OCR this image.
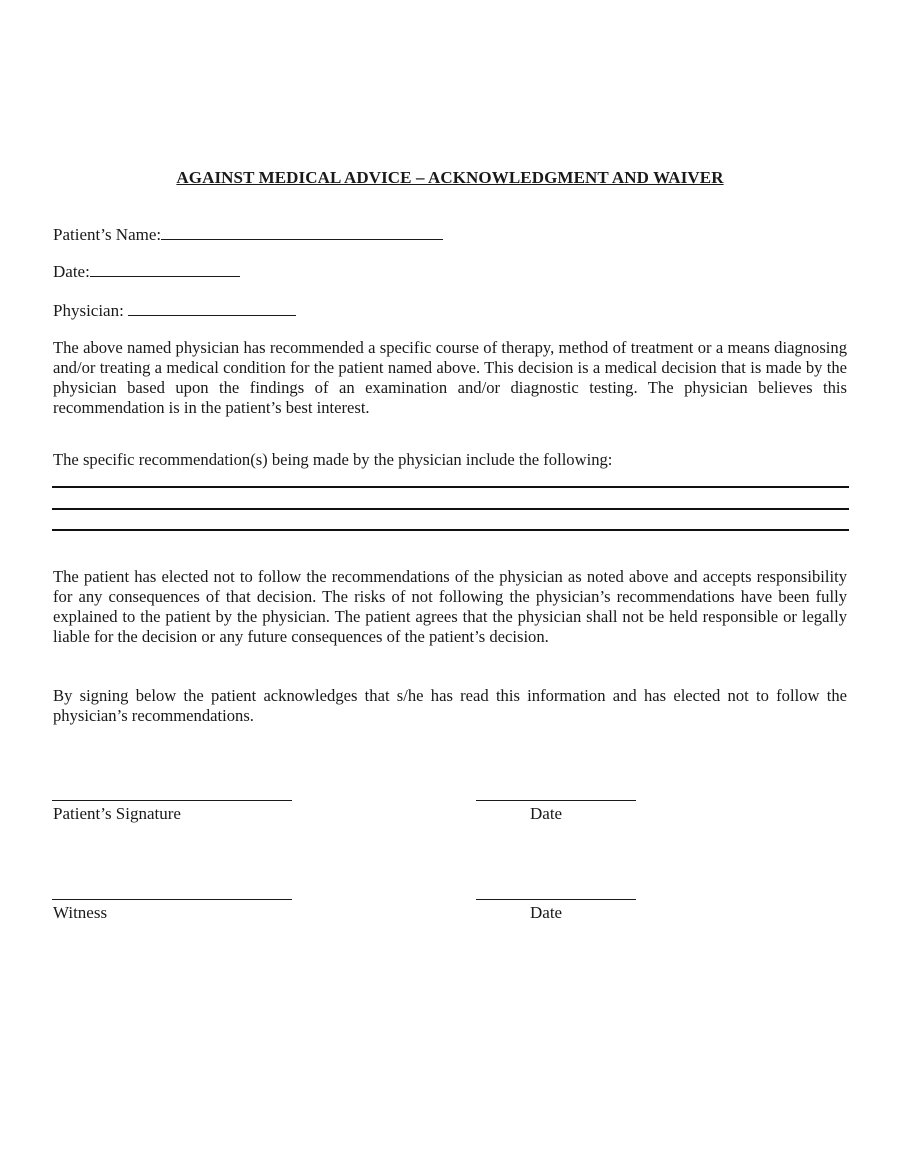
AGAINST MEDICAL ADVICE – ACKNOWLEDGMENT AND WAIVER
Patient’s Name:
Date:
Physician:

The above named physician has recommended a specific course of therapy, method of treatment or a means diagnosing and/or treating a medical condition for the patient named above. This decision is a medical decision that is made by the physician based upon the findings of an examination and/or diagnostic testing. The physician believes this recommendation is in the patient’s best interest.

The specific recommendation(s) being made by the physician include the following:

The patient has elected not to follow the recommendations of the physician as noted above and accepts responsibility for any consequences of that decision. The risks of not following the physician’s recommendations have been fully explained to the patient by the physician. The patient agrees that the physician shall not be held responsible or legally liable for the decision or any future consequences of the patient’s decision.

By signing below the patient acknowledges that s/he has read this information and has elected not to follow the physician’s recommendations.

Patient’s Signature	Date
Witness	Date
